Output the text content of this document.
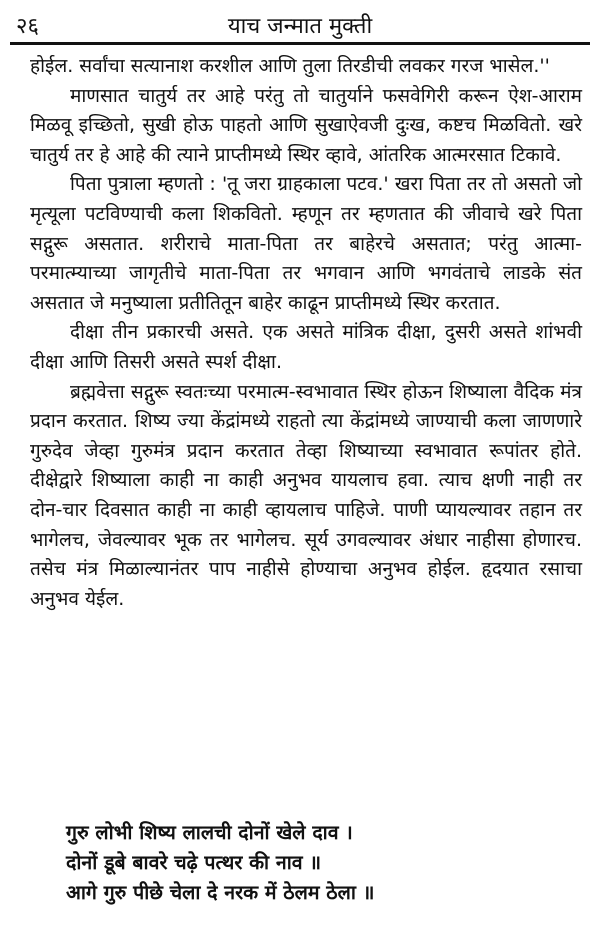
२६	याच जन्मात मुक्ती

होईल. सर्वांचा सत्यानाश करशील आणि तुला तिरडीची लवकर गरज भासेल.''

माणसात चातुर्य तर आहे परंतु तो चातुर्याने फसवेगिरी करून ऐश-आराम मिळवू इच्छितो, सुखी होऊ पाहतो आणि सुखाऐवजी दुःख, कष्टच मिळवितो. खरे चातुर्य तर हे आहे की त्याने प्राप्तीमध्ये स्थिर व्हावे, आंतरिक आत्मरसात टिकावे.

पिता पुत्राला म्हणतो : 'तू जरा ग्राहकाला पटव.' खरा पिता तर तो असतो जो मृत्यूला पटविण्याची कला शिकवितो. म्हणून तर म्हणतात की जीवाचे खरे पिता सद्गुरू असतात. शरीराचे माता-पिता तर बाहेरचे असतात; परंतु आत्मा-परमात्म्याच्या जागृतीचे माता-पिता तर भगवान आणि भगवंताचे लाडके संत असतात जे मनुष्याला प्रतीतितून बाहेर काढून प्राप्तीमध्ये स्थिर करतात.

दीक्षा तीन प्रकारची असते. एक असते मांत्रिक दीक्षा, दुसरी असते शांभवी दीक्षा आणि तिसरी असते स्पर्श दीक्षा.

ब्रह्मवेत्ता सद्गुरू स्वतःच्या परमात्म-स्वभावात स्थिर होऊन शिष्याला वैदिक मंत्र प्रदान करतात. शिष्य ज्या केंद्रांमध्ये राहतो त्या केंद्रांमध्ये जाण्याची कला जाणणारे गुरुदेव जेव्हा गुरुमंत्र प्रदान करतात तेव्हा शिष्याच्या स्वभावात रूपांतर होते. दीक्षेद्वारे शिष्याला काही ना काही अनुभव यायलाच हवा. त्याच क्षणी नाही तर दोन-चार दिवसात काही ना काही व्हायलाच पाहिजे. पाणी प्यायल्यावर तहान तर भागेलच, जेवल्यावर भूक तर भागेलच. सूर्य उगवल्यावर अंधार नाहीसा होणारच. तसेच मंत्र मिळाल्यानंतर पाप नाहीसे होण्याचा अनुभव होईल. हृदयात रसाचा अनुभव येईल.

गुरु लोभी शिष्य लालची दोनों खेले दाव ।
दोनों डूबे बावरे चढ़े पत्थर की नाव ॥
आगे गुरु पीछे चेला दे नरक में ठेलम ठेला ॥
